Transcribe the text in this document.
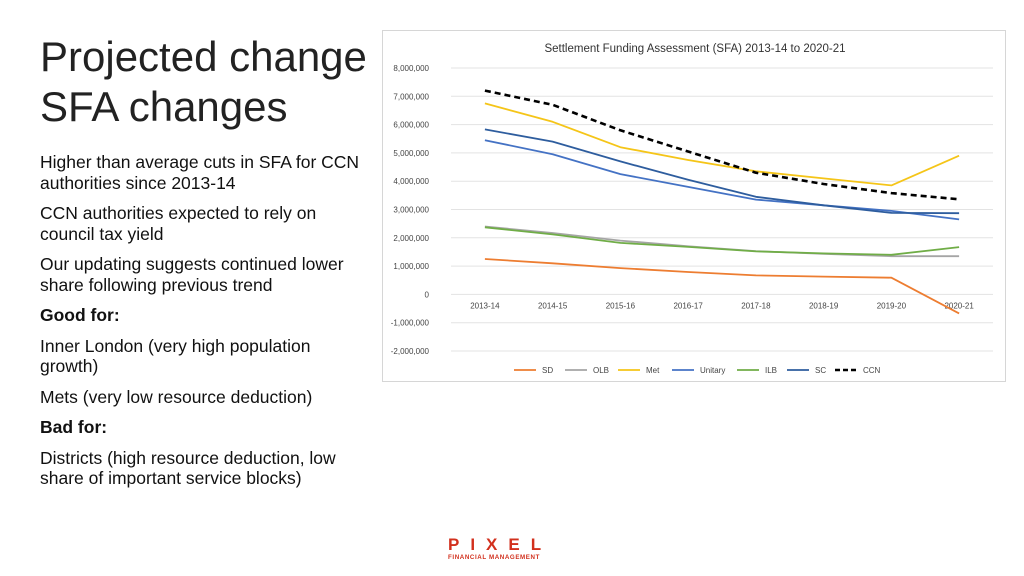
Projected change
SFA changes

Higher than average cuts in SFA for CCN authorities since 2013-14

CCN authorities expected to rely on council tax yield

Our updating suggests continued lower share following previous trend

Good for:

Inner London (very high population growth)

Mets (very low resource deduction)

Bad for:

Districts (high resource deduction, low share of important service blocks)

Settlement Funding Assessment (SFA) 2013-14 to 2020-21
8,000,000
7,000,000
6,000,000
5,000,000
4,000,000
3,000,000
2,000,000
1,000,000
0
-1,000,000
-2,000,000
2013-14	2014-15	2015-16	2016-17	2017-18	2018-19	2019-20	2020-21
SD	OLB	Met	Unitary	ILB	SC	CCN
PIXEL
FINANCIAL MANAGEMENT
